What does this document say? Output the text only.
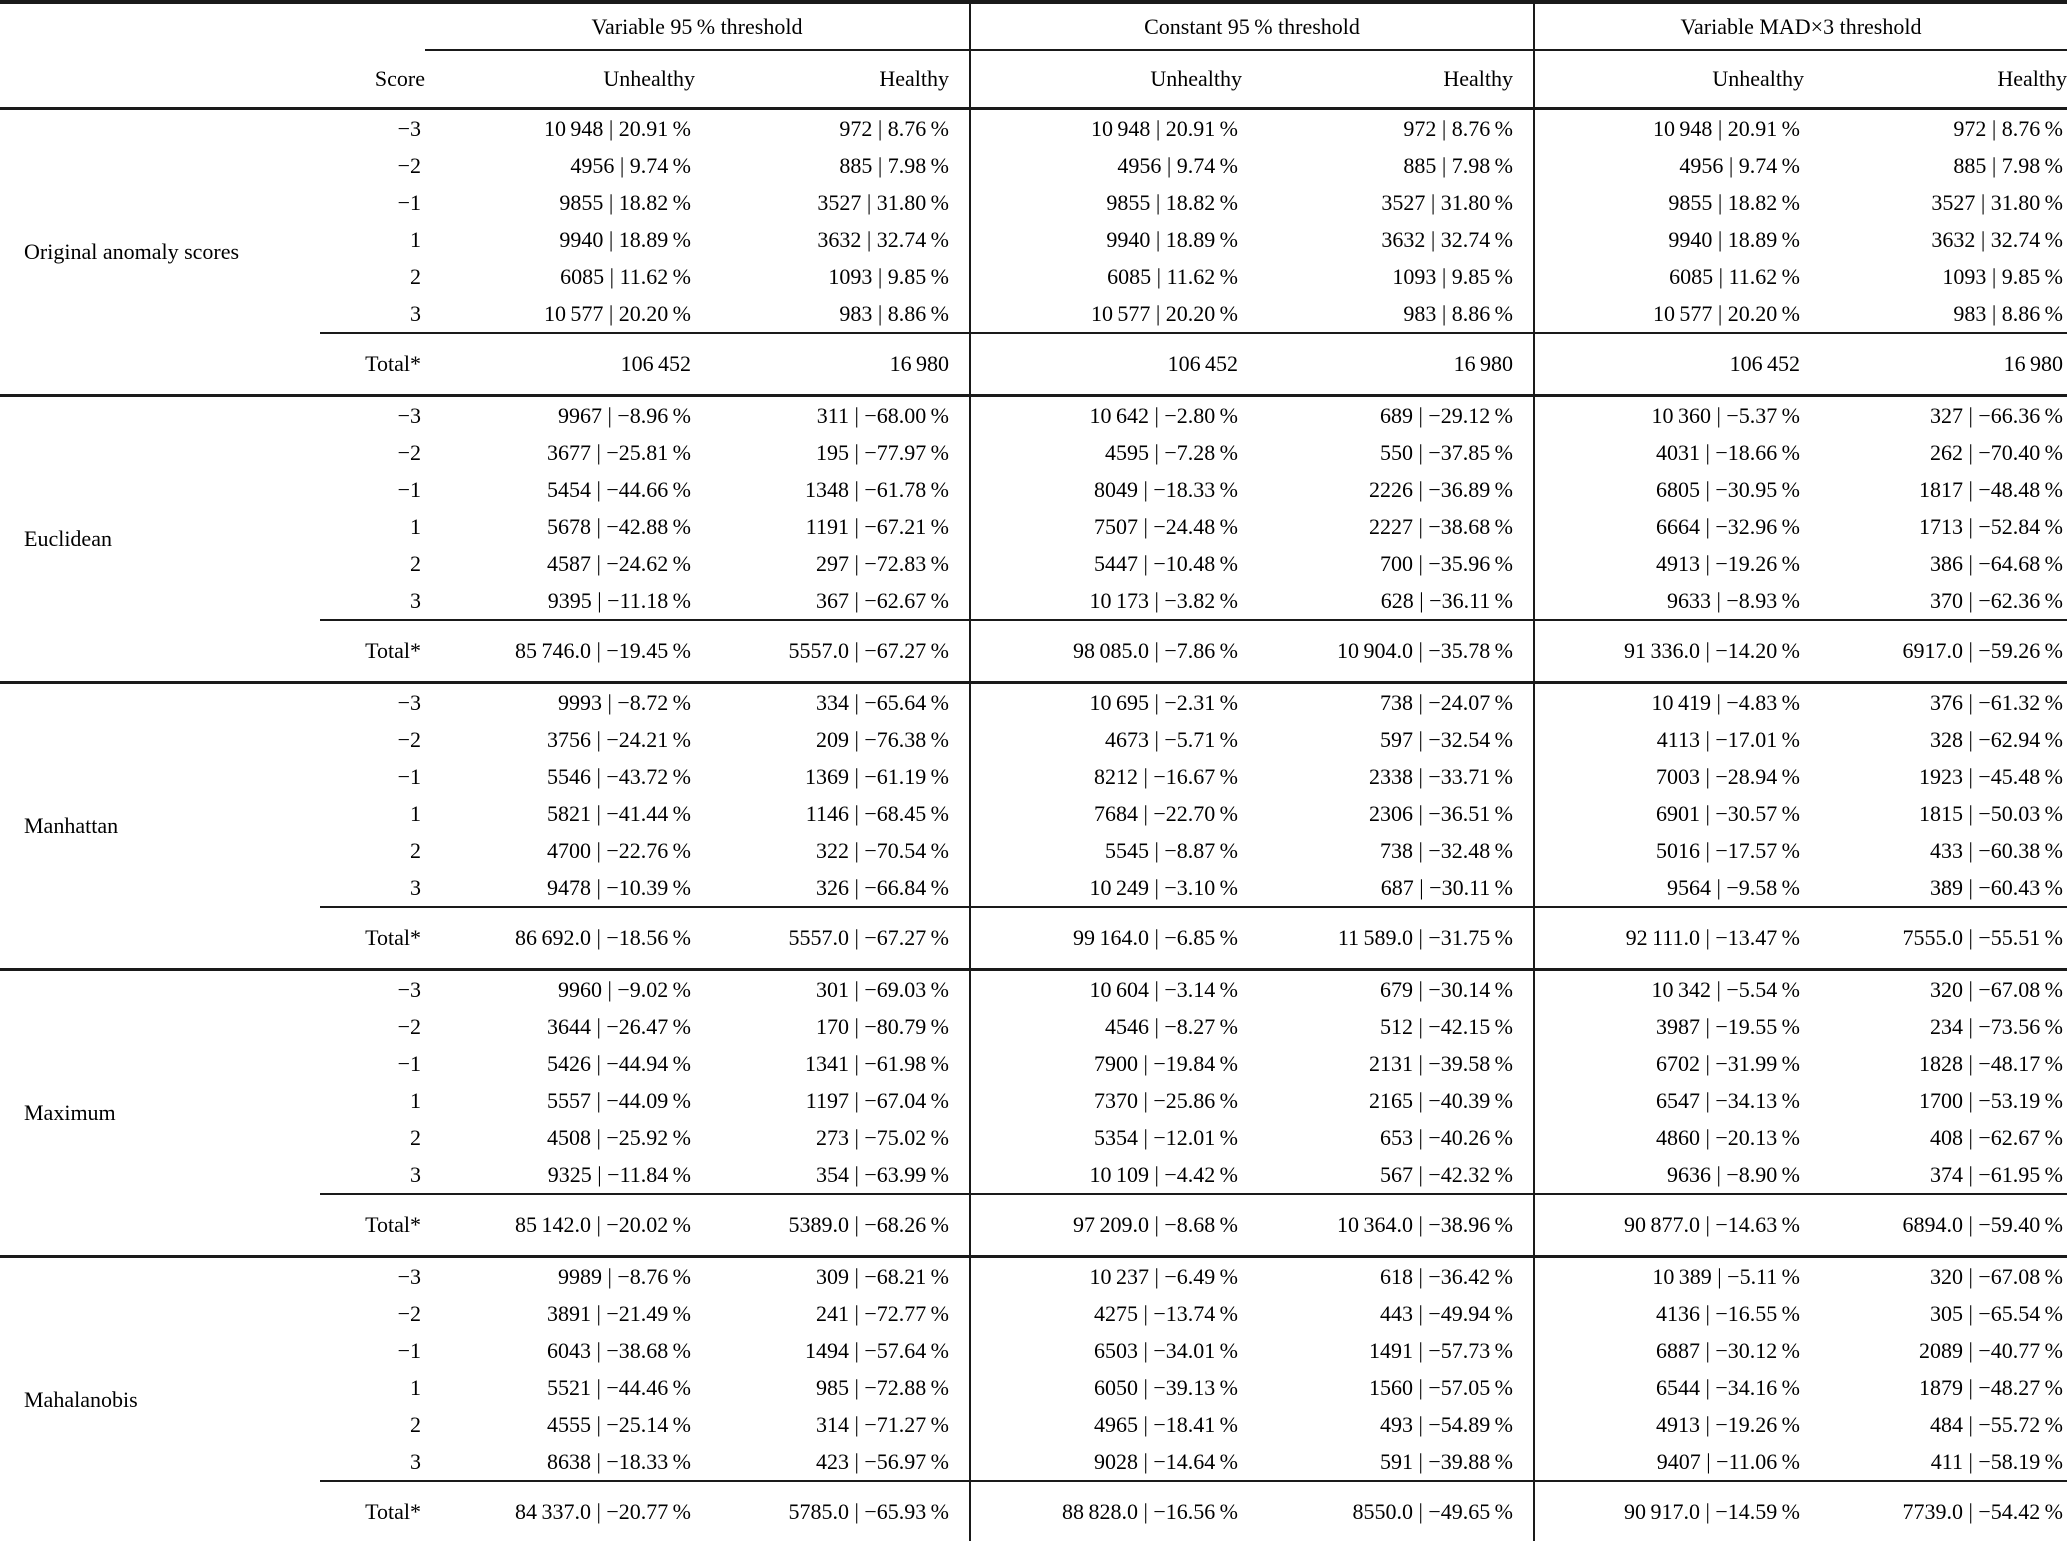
		Variable 95 % threshold		Constant 95 % threshold		Variable MAD×3 threshold	
	Score	Unhealthy	Healthy	Unhealthy	Healthy	Unhealthy	Healthy
Original anomaly scores	−3	10 948 | 20.91 %	972 | 8.76 %	10 948 | 20.91 %	972 | 8.76 %	10 948 | 20.91 %	972 | 8.76 %
	−2	4956 | 9.74 %	885 | 7.98 %	4956 | 9.74 %	885 | 7.98 %	4956 | 9.74 %	885 | 7.98 %
	−1	9855 | 18.82 %	3527 | 31.80 %	9855 | 18.82 %	3527 | 31.80 %	9855 | 18.82 %	3527 | 31.80 %
	1	9940 | 18.89 %	3632 | 32.74 %	9940 | 18.89 %	3632 | 32.74 %	9940 | 18.89 %	3632 | 32.74 %
	2	6085 | 11.62 %	1093 | 9.85 %	6085 | 11.62 %	1093 | 9.85 %	6085 | 11.62 %	1093 | 9.85 %
	3	10 577 | 20.20 %	983 | 8.86 %	10 577 | 20.20 %	983 | 8.86 %	10 577 | 20.20 %	983 | 8.86 %
	Total*	106 452	16 980	106 452	16 980	106 452	16 980
Euclidean	−3	9967 | −8.96 %	311 | −68.00 %	10 642 | −2.80 %	689 | −29.12 %	10 360 | −5.37 %	327 | −66.36 %
	−2	3677 | −25.81 %	195 | −77.97 %	4595 | −7.28 %	550 | −37.85 %	4031 | −18.66 %	262 | −70.40 %
	−1	5454 | −44.66 %	1348 | −61.78 %	8049 | −18.33 %	2226 | −36.89 %	6805 | −30.95 %	1817 | −48.48 %
	1	5678 | −42.88 %	1191 | −67.21 %	7507 | −24.48 %	2227 | −38.68 %	6664 | −32.96 %	1713 | −52.84 %
	2	4587 | −24.62 %	297 | −72.83 %	5447 | −10.48 %	700 | −35.96 %	4913 | −19.26 %	386 | −64.68 %
	3	9395 | −11.18 %	367 | −62.67 %	10 173 | −3.82 %	628 | −36.11 %	9633 | −8.93 %	370 | −62.36 %
	Total*	85 746.0 | −19.45 %	5557.0 | −67.27 %	98 085.0 | −7.86 %	10 904.0 | −35.78 %	91 336.0 | −14.20 %	6917.0 | −59.26 %
Manhattan	−3	9993 | −8.72 %	334 | −65.64 %	10 695 | −2.31 %	738 | −24.07 %	10 419 | −4.83 %	376 | −61.32 %
	−2	3756 | −24.21 %	209 | −76.38 %	4673 | −5.71 %	597 | −32.54 %	4113 | −17.01 %	328 | −62.94 %
	−1	5546 | −43.72 %	1369 | −61.19 %	8212 | −16.67 %	2338 | −33.71 %	7003 | −28.94 %	1923 | −45.48 %
	1	5821 | −41.44 %	1146 | −68.45 %	7684 | −22.70 %	2306 | −36.51 %	6901 | −30.57 %	1815 | −50.03 %
	2	4700 | −22.76 %	322 | −70.54 %	5545 | −8.87 %	738 | −32.48 %	5016 | −17.57 %	433 | −60.38 %
	3	9478 | −10.39 %	326 | −66.84 %	10 249 | −3.10 %	687 | −30.11 %	9564 | −9.58 %	389 | −60.43 %
	Total*	86 692.0 | −18.56 %	5557.0 | −67.27 %	99 164.0 | −6.85 %	11 589.0 | −31.75 %	92 111.0 | −13.47 %	7555.0 | −55.51 %
Maximum	−3	9960 | −9.02 %	301 | −69.03 %	10 604 | −3.14 %	679 | −30.14 %	10 342 | −5.54 %	320 | −67.08 %
	−2	3644 | −26.47 %	170 | −80.79 %	4546 | −8.27 %	512 | −42.15 %	3987 | −19.55 %	234 | −73.56 %
	−1	5426 | −44.94 %	1341 | −61.98 %	7900 | −19.84 %	2131 | −39.58 %	6702 | −31.99 %	1828 | −48.17 %
	1	5557 | −44.09 %	1197 | −67.04 %	7370 | −25.86 %	2165 | −40.39 %	6547 | −34.13 %	1700 | −53.19 %
	2	4508 | −25.92 %	273 | −75.02 %	5354 | −12.01 %	653 | −40.26 %	4860 | −20.13 %	408 | −62.67 %
	3	9325 | −11.84 %	354 | −63.99 %	10 109 | −4.42 %	567 | −42.32 %	9636 | −8.90 %	374 | −61.95 %
	Total*	85 142.0 | −20.02 %	5389.0 | −68.26 %	97 209.0 | −8.68 %	10 364.0 | −38.96 %	90 877.0 | −14.63 %	6894.0 | −59.40 %
Mahalanobis	−3	9989 | −8.76 %	309 | −68.21 %	10 237 | −6.49 %	618 | −36.42 %	10 389 | −5.11 %	320 | −67.08 %
	−2	3891 | −21.49 %	241 | −72.77 %	4275 | −13.74 %	443 | −49.94 %	4136 | −16.55 %	305 | −65.54 %
	−1	6043 | −38.68 %	1494 | −57.64 %	6503 | −34.01 %	1491 | −57.73 %	6887 | −30.12 %	2089 | −40.77 %
	1	5521 | −44.46 %	985 | −72.88 %	6050 | −39.13 %	1560 | −57.05 %	6544 | −34.16 %	1879 | −48.27 %
	2	4555 | −25.14 %	314 | −71.27 %	4965 | −18.41 %	493 | −54.89 %	4913 | −19.26 %	484 | −55.72 %
	3	8638 | −18.33 %	423 | −56.97 %	9028 | −14.64 %	591 | −39.88 %	9407 | −11.06 %	411 | −58.19 %
	Total*	84 337.0 | −20.77 %	5785.0 | −65.93 %	88 828.0 | −16.56 %	8550.0 | −49.65 %	90 917.0 | −14.59 %	7739.0 | −54.42 %
